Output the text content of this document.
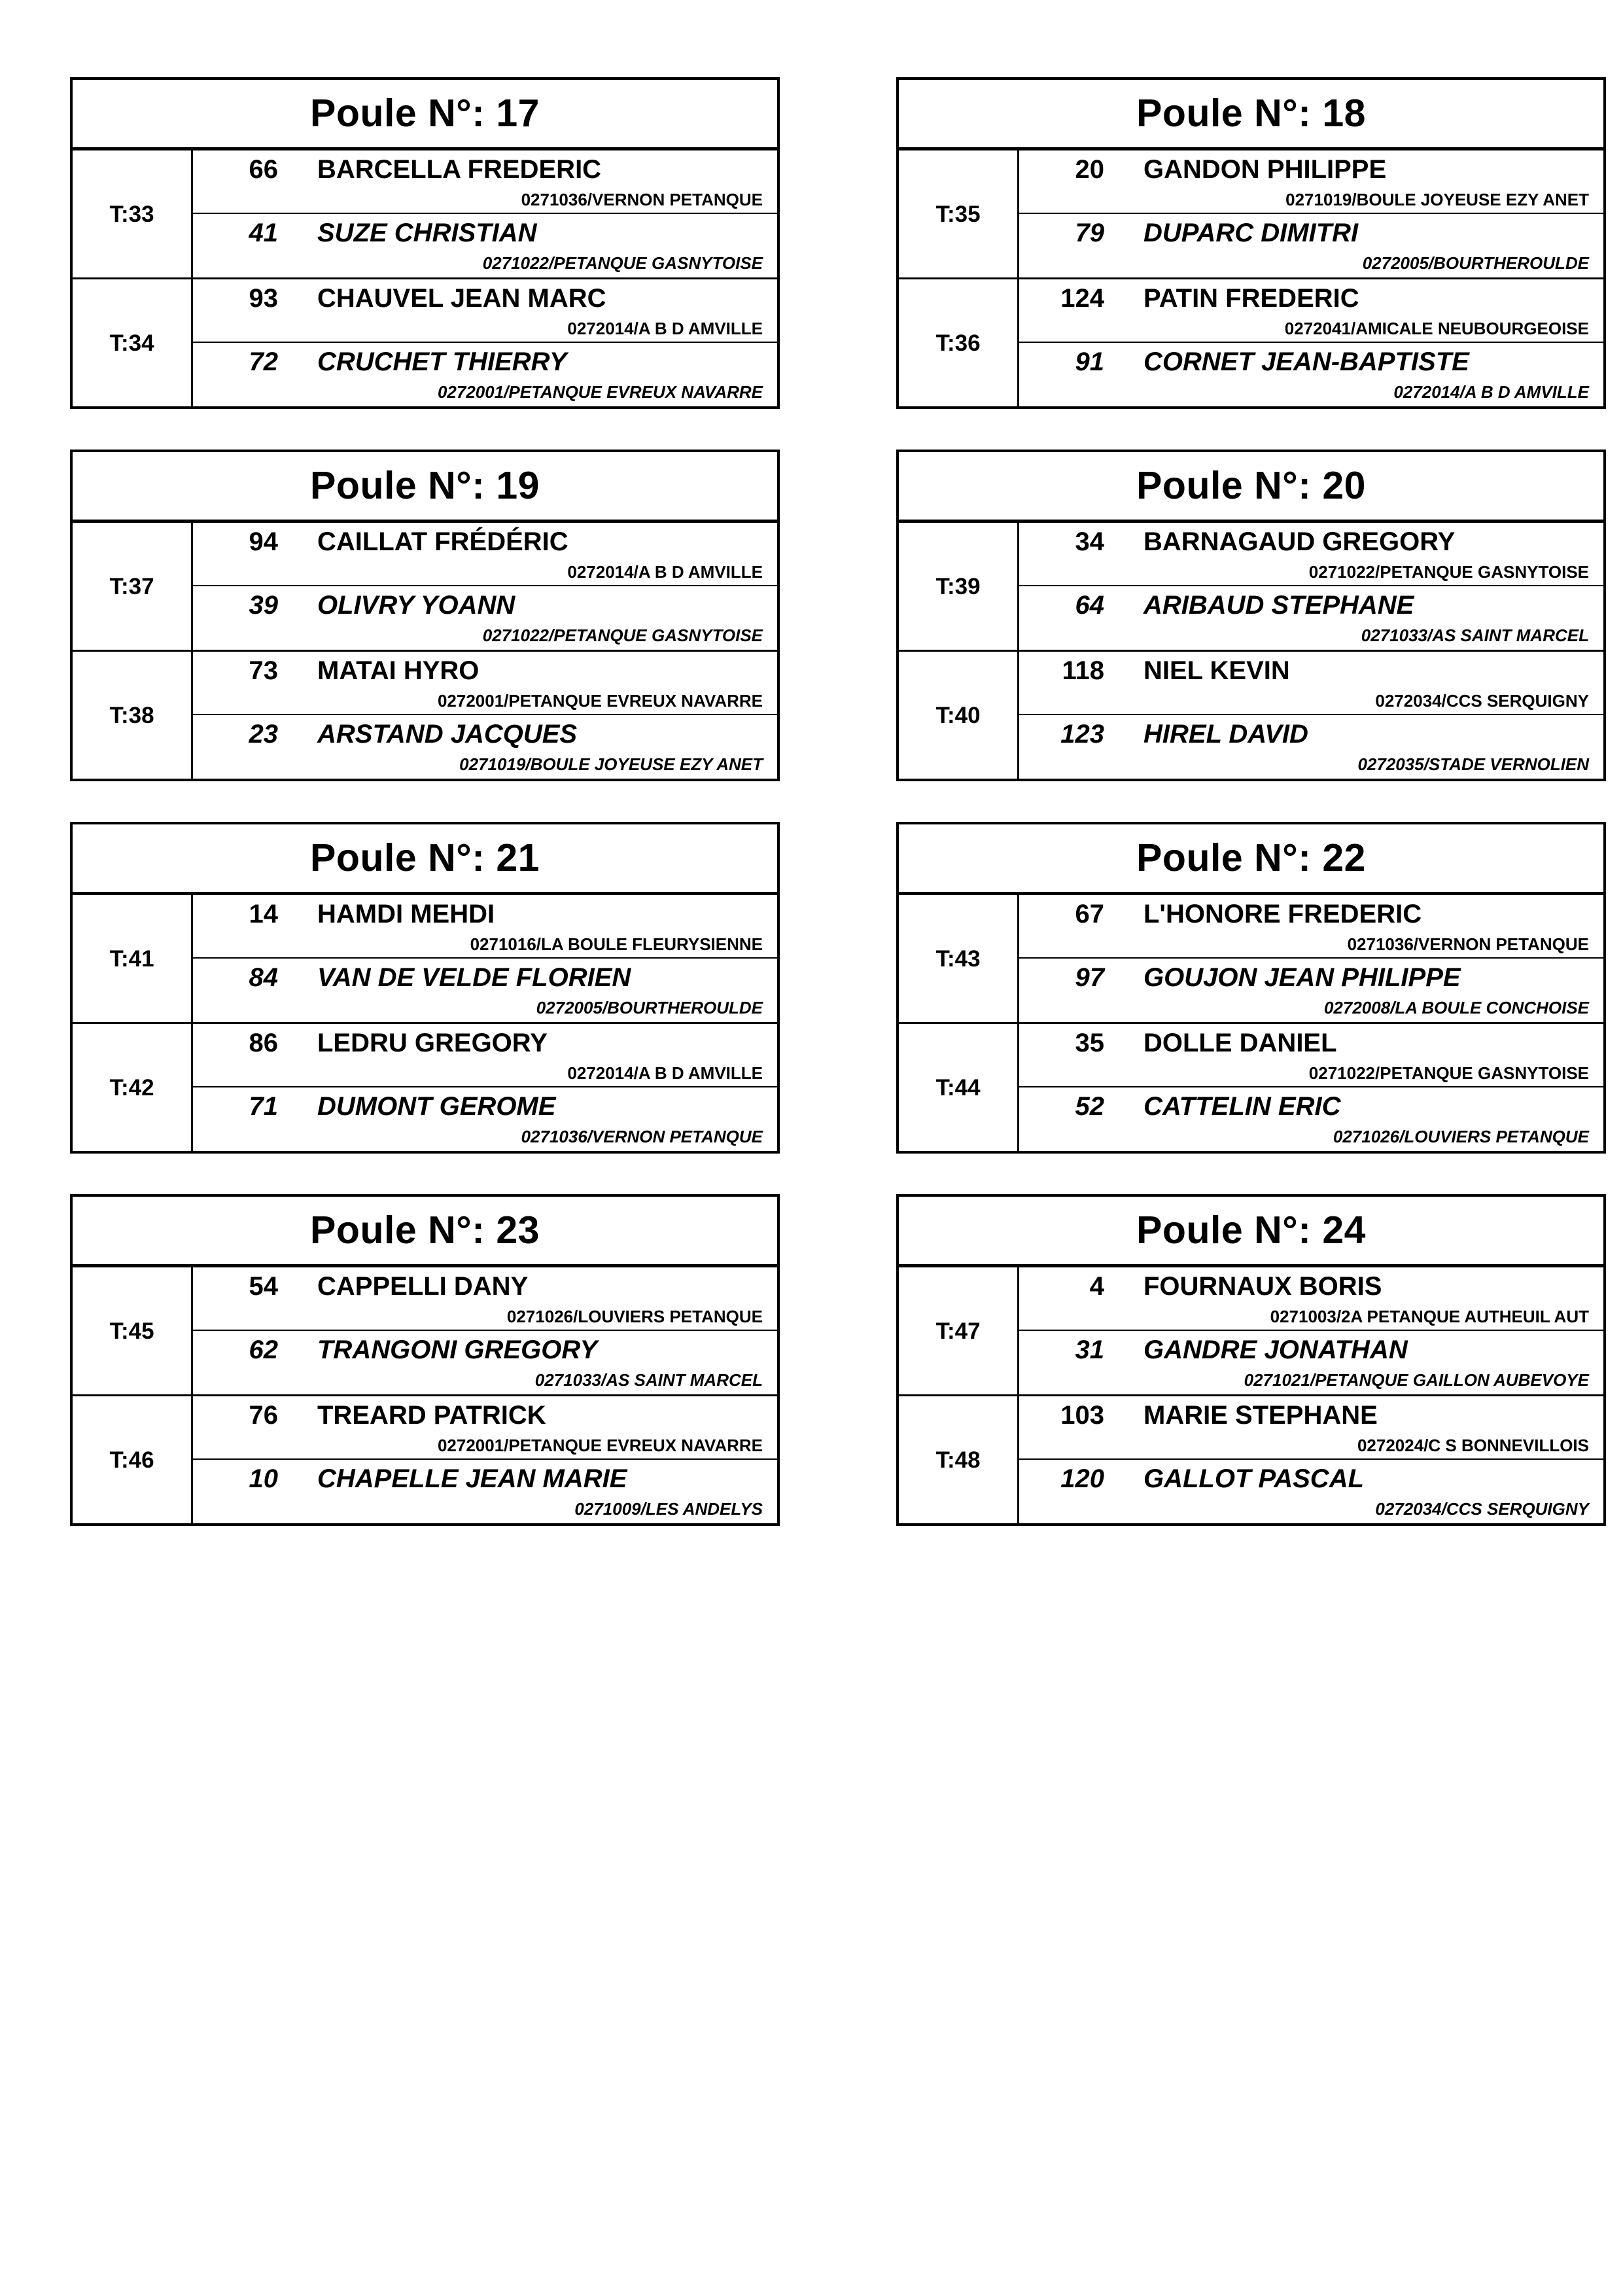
Poule N°: 17
T:33
66	BARCELLA FREDERIC
0271036/VERNON PETANQUE
41	SUZE CHRISTIAN
0271022/PETANQUE GASNYTOISE
T:34
93	CHAUVEL JEAN MARC
0272014/A B D AMVILLE
72	CRUCHET THIERRY
0272001/PETANQUE EVREUX NAVARRE
Poule N°: 18
T:35
20	GANDON PHILIPPE
0271019/BOULE JOYEUSE EZY ANET
79	DUPARC DIMITRI
0272005/BOURTHEROULDE
T:36
124	PATIN FREDERIC
0272041/AMICALE NEUBOURGEOISE
91	CORNET JEAN-BAPTISTE
0272014/A B D AMVILLE
Poule N°: 19
T:37
94	CAILLAT FRÉDÉRIC
0272014/A B D AMVILLE
39	OLIVRY YOANN
0271022/PETANQUE GASNYTOISE
T:38
73	MATAI HYRO
0272001/PETANQUE EVREUX NAVARRE
23	ARSTAND JACQUES
0271019/BOULE JOYEUSE EZY ANET
Poule N°: 20
T:39
34	BARNAGAUD GREGORY
0271022/PETANQUE GASNYTOISE
64	ARIBAUD STEPHANE
0271033/AS SAINT MARCEL
T:40
118	NIEL KEVIN
0272034/CCS SERQUIGNY
123	HIREL DAVID
0272035/STADE VERNOLIEN
Poule N°: 21
T:41
14	HAMDI MEHDI
0271016/LA BOULE FLEURYSIENNE
84	VAN DE VELDE FLORIEN
0272005/BOURTHEROULDE
T:42
86	LEDRU GREGORY
0272014/A B D AMVILLE
71	DUMONT GEROME
0271036/VERNON PETANQUE
Poule N°: 22
T:43
67	L'HONORE FREDERIC
0271036/VERNON PETANQUE
97	GOUJON JEAN PHILIPPE
0272008/LA BOULE CONCHOISE
T:44
35	DOLLE DANIEL
0271022/PETANQUE GASNYTOISE
52	CATTELIN ERIC
0271026/LOUVIERS PETANQUE
Poule N°: 23
T:45
54	CAPPELLI DANY
0271026/LOUVIERS PETANQUE
62	TRANGONI GREGORY
0271033/AS SAINT MARCEL
T:46
76	TREARD PATRICK
0272001/PETANQUE EVREUX NAVARRE
10	CHAPELLE JEAN MARIE
0271009/LES ANDELYS
Poule N°: 24
T:47
4	FOURNAUX BORIS
0271003/2A PETANQUE AUTHEUIL AUT
31	GANDRE JONATHAN
0271021/PETANQUE GAILLON AUBEVOYE
T:48
103	MARIE STEPHANE
0272024/C S BONNEVILLOIS
120	GALLOT PASCAL
0272034/CCS SERQUIGNY
